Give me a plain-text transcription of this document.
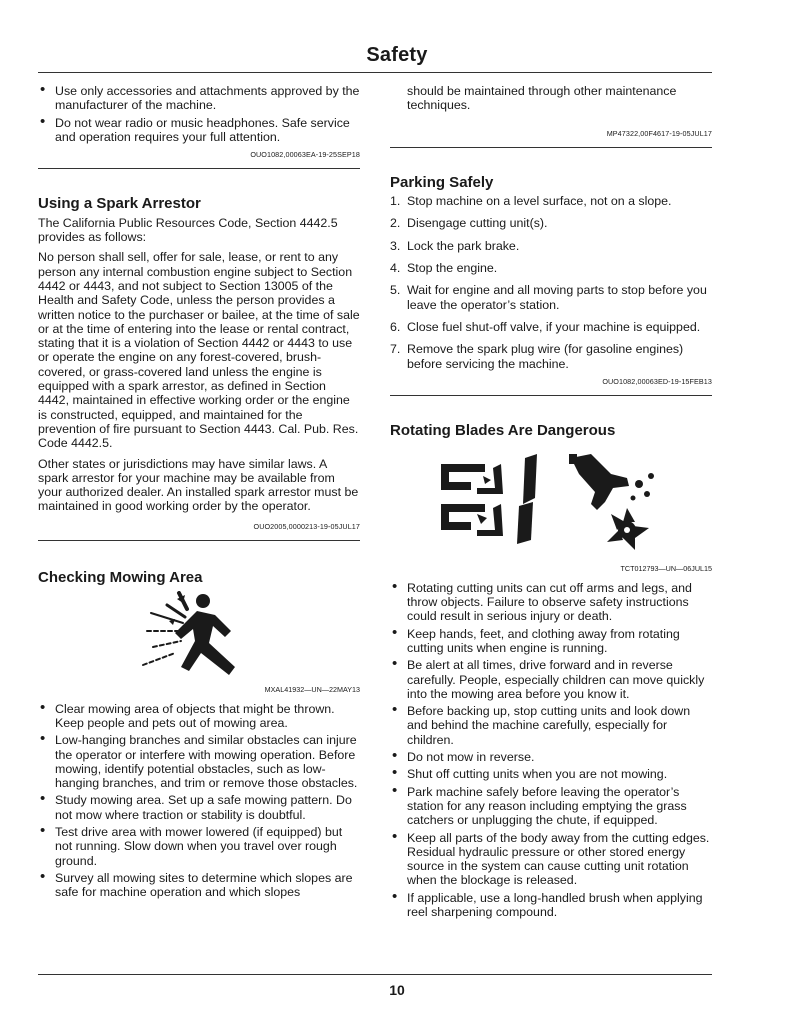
Safety
• Use only accessories and attachments approved by the manufacturer of the machine.
• Do not wear radio or music headphones. Safe service and operation requires your full attention.
OUO1082,00063EA-19-25SEP18
Using a Spark Arrestor

The California Public Resources Code, Section 4442.5 provides as follows:

No person shall sell, offer for sale, lease, or rent to any person any internal combustion engine subject to Section 4442 or 4443, and not subject to Section 13005 of the Health and Safety Code, unless the person provides a written notice to the purchaser or bailee, at the time of sale or at the time of entering into the lease or rental contract, stating that it is a violation of Section 4442 or 4443 to use or operate the engine on any forest-covered, brush-covered, or grass-covered land unless the engine is equipped with a spark arrestor, as defined in Section 4442, maintained in effective working order or the engine is constructed, equipped, and maintained for the prevention of fire pursuant to Section 4443. Cal. Pub. Res. Code 4442.5.

Other states or jurisdictions may have similar laws. A spark arrestor for your machine may be available from your authorized dealer. An installed spark arrestor must be maintained in good working order by the operator.

OUO2005,0000213-19-05JUL17
Checking Mowing Area
MXAL41932—UN—22MAY13
• Clear mowing area of objects that might be thrown. Keep people and pets out of mowing area.
• Low-hanging branches and similar obstacles can injure the operator or interfere with mowing operation. Before mowing, identify potential obstacles, such as low-hanging branches, and trim or remove those obstacles.
• Study mowing area. Set up a safe mowing pattern. Do not mow where traction or stability is doubtful.
• Test drive area with mower lowered (if equipped) but not running. Slow down when you travel over rough ground.
• Survey all mowing sites to determine which slopes are safe for machine operation and which slopes

should be maintained through other maintenance techniques.

MP47322,00F4617-19-05JUL17
Parking Safely
1. Stop machine on a level surface, not on a slope.
2. Disengage cutting unit(s).
3. Lock the park brake.
4. Stop the engine.
5. Wait for engine and all moving parts to stop before you leave the operator’s station.
6. Close fuel shut-off valve, if your machine is equipped.
7. Remove the spark plug wire (for gasoline engines) before servicing the machine.
OUO1082,00063ED-19-15FEB13
Rotating Blades Are Dangerous
TCT012793—UN—06JUL15
• Rotating cutting units can cut off arms and legs, and throw objects. Failure to observe safety instructions could result in serious injury or death.
• Keep hands, feet, and clothing away from rotating cutting units when engine is running.
• Be alert at all times, drive forward and in reverse carefully. People, especially children can move quickly into the mowing area before you know it.
• Before backing up, stop cutting units and look down and behind the machine carefully, especially for children.
• Do not mow in reverse.
• Shut off cutting units when you are not mowing.
• Park machine safely before leaving the operator’s station for any reason including emptying the grass catchers or unplugging the chute, if equipped.
• Keep all parts of the body away from the cutting edges. Residual hydraulic pressure or other stored energy source in the system can cause cutting unit rotation when the blockage is released.
• If applicable, use a long-handled brush when applying reel sharpening compound.
10
